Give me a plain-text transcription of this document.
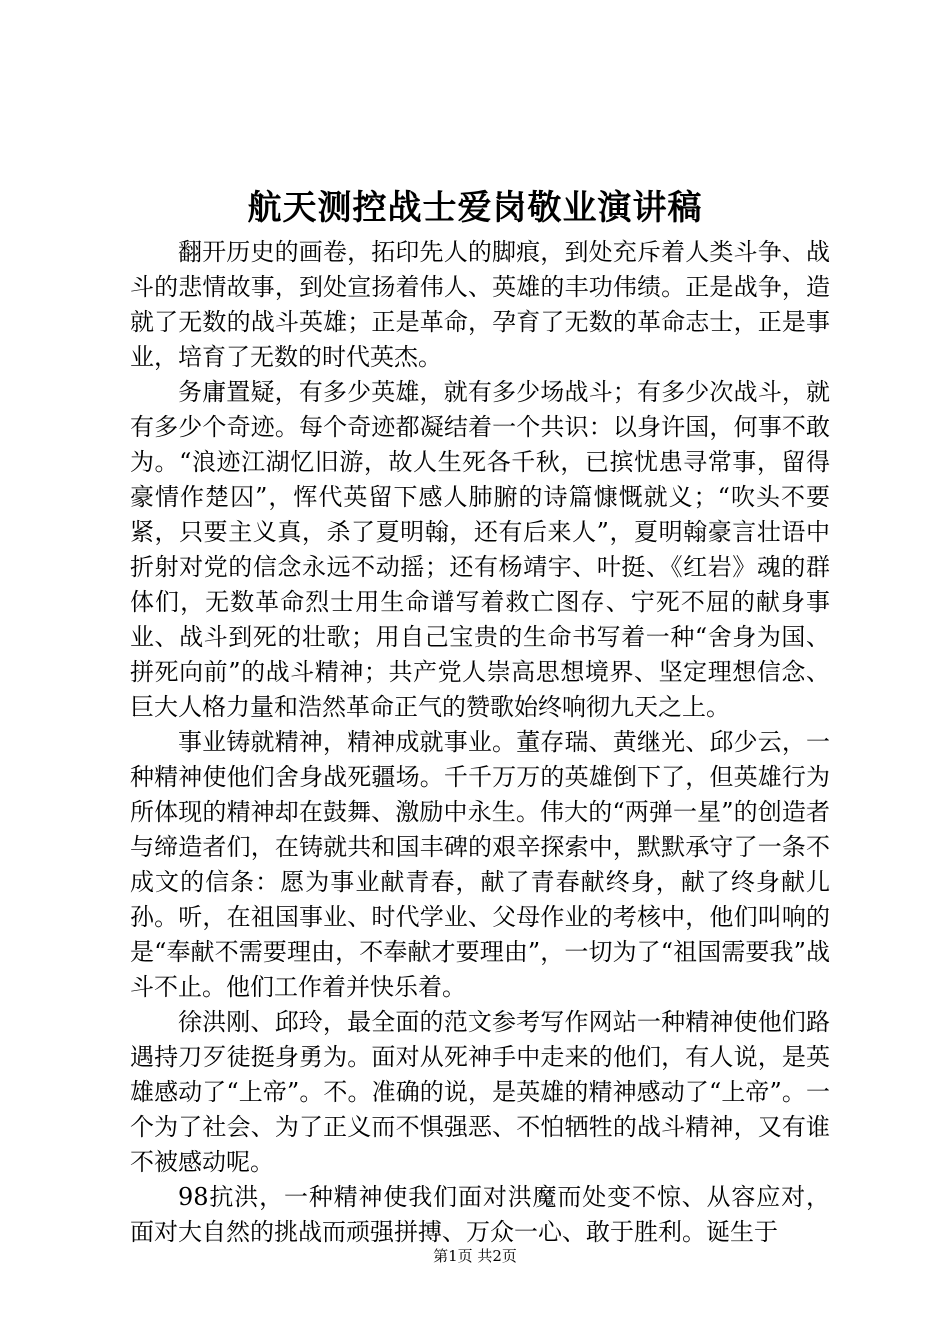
航天测控战士爱岗敬业演讲稿

翻开历史的画卷，拓印先人的脚痕，到处充斥着人类斗争、战斗的悲情故事，到处宣扬着伟人、英雄的丰功伟绩。正是战争，造就了无数的战斗英雄；正是革命，孕育了无数的革命志士，正是事业，培育了无数的时代英杰。

务庸置疑，有多少英雄，就有多少场战斗；有多少次战斗，就有多少个奇迹。每个奇迹都凝结着一个共识：以身许国，何事不敢为。“浪迹江湖忆旧游，故人生死各千秋，已摈忧患寻常事，留得豪情作楚囚”，恽代英留下感人肺腑的诗篇慷慨就义；“吹头不要紧，只要主义真，杀了夏明翰，还有后来人”，夏明翰豪言壮语中折射对党的信念永远不动摇；还有杨靖宇、叶挺、《红岩》魂的群体们，无数革命烈士用生命谱写着救亡图存、宁死不屈的献身事业、战斗到死的壮歌；用自己宝贵的生命书写着一种“舍身为国、拼死向前”的战斗精神；共产党人崇高思想境界、坚定理想信念、巨大人格力量和浩然革命正气的赞歌始终响彻九天之上。

事业铸就精神，精神成就事业。董存瑞、黄继光、邱少云，一种精神使他们舍身战死疆场。千千万万的英雄倒下了，但英雄行为所体现的精神却在鼓舞、激励中永生。伟大的“两弹一星”的创造者与缔造者们，在铸就共和国丰碑的艰辛探索中，默默承守了一条不成文的信条：愿为事业献青春，献了青春献终身，献了终身献儿孙。听，在祖国事业、时代学业、父母作业的考核中，他们叫响的是“奉献不需要理由，不奉献才要理由”，一切为了“祖国需要我”战斗不止。他们工作着并快乐着。

徐洪刚、邱玲，最全面的范文参考写作网站一种精神使他们路遇持刀歹徒挺身勇为。面对从死神手中走来的他们，有人说，是英雄感动了“上帝”。不。准确的说，是英雄的精神感动了“上帝”。一个为了社会、为了正义而不惧强恶、不怕牺牲的战斗精神，又有谁不被感动呢。

98抗洪，一种精神使我们面对洪魔而处变不惊、从容应对，面对大自然的挑战而顽强拼搏、万众一心、敢于胜利。诞生于

第1页 共2页
